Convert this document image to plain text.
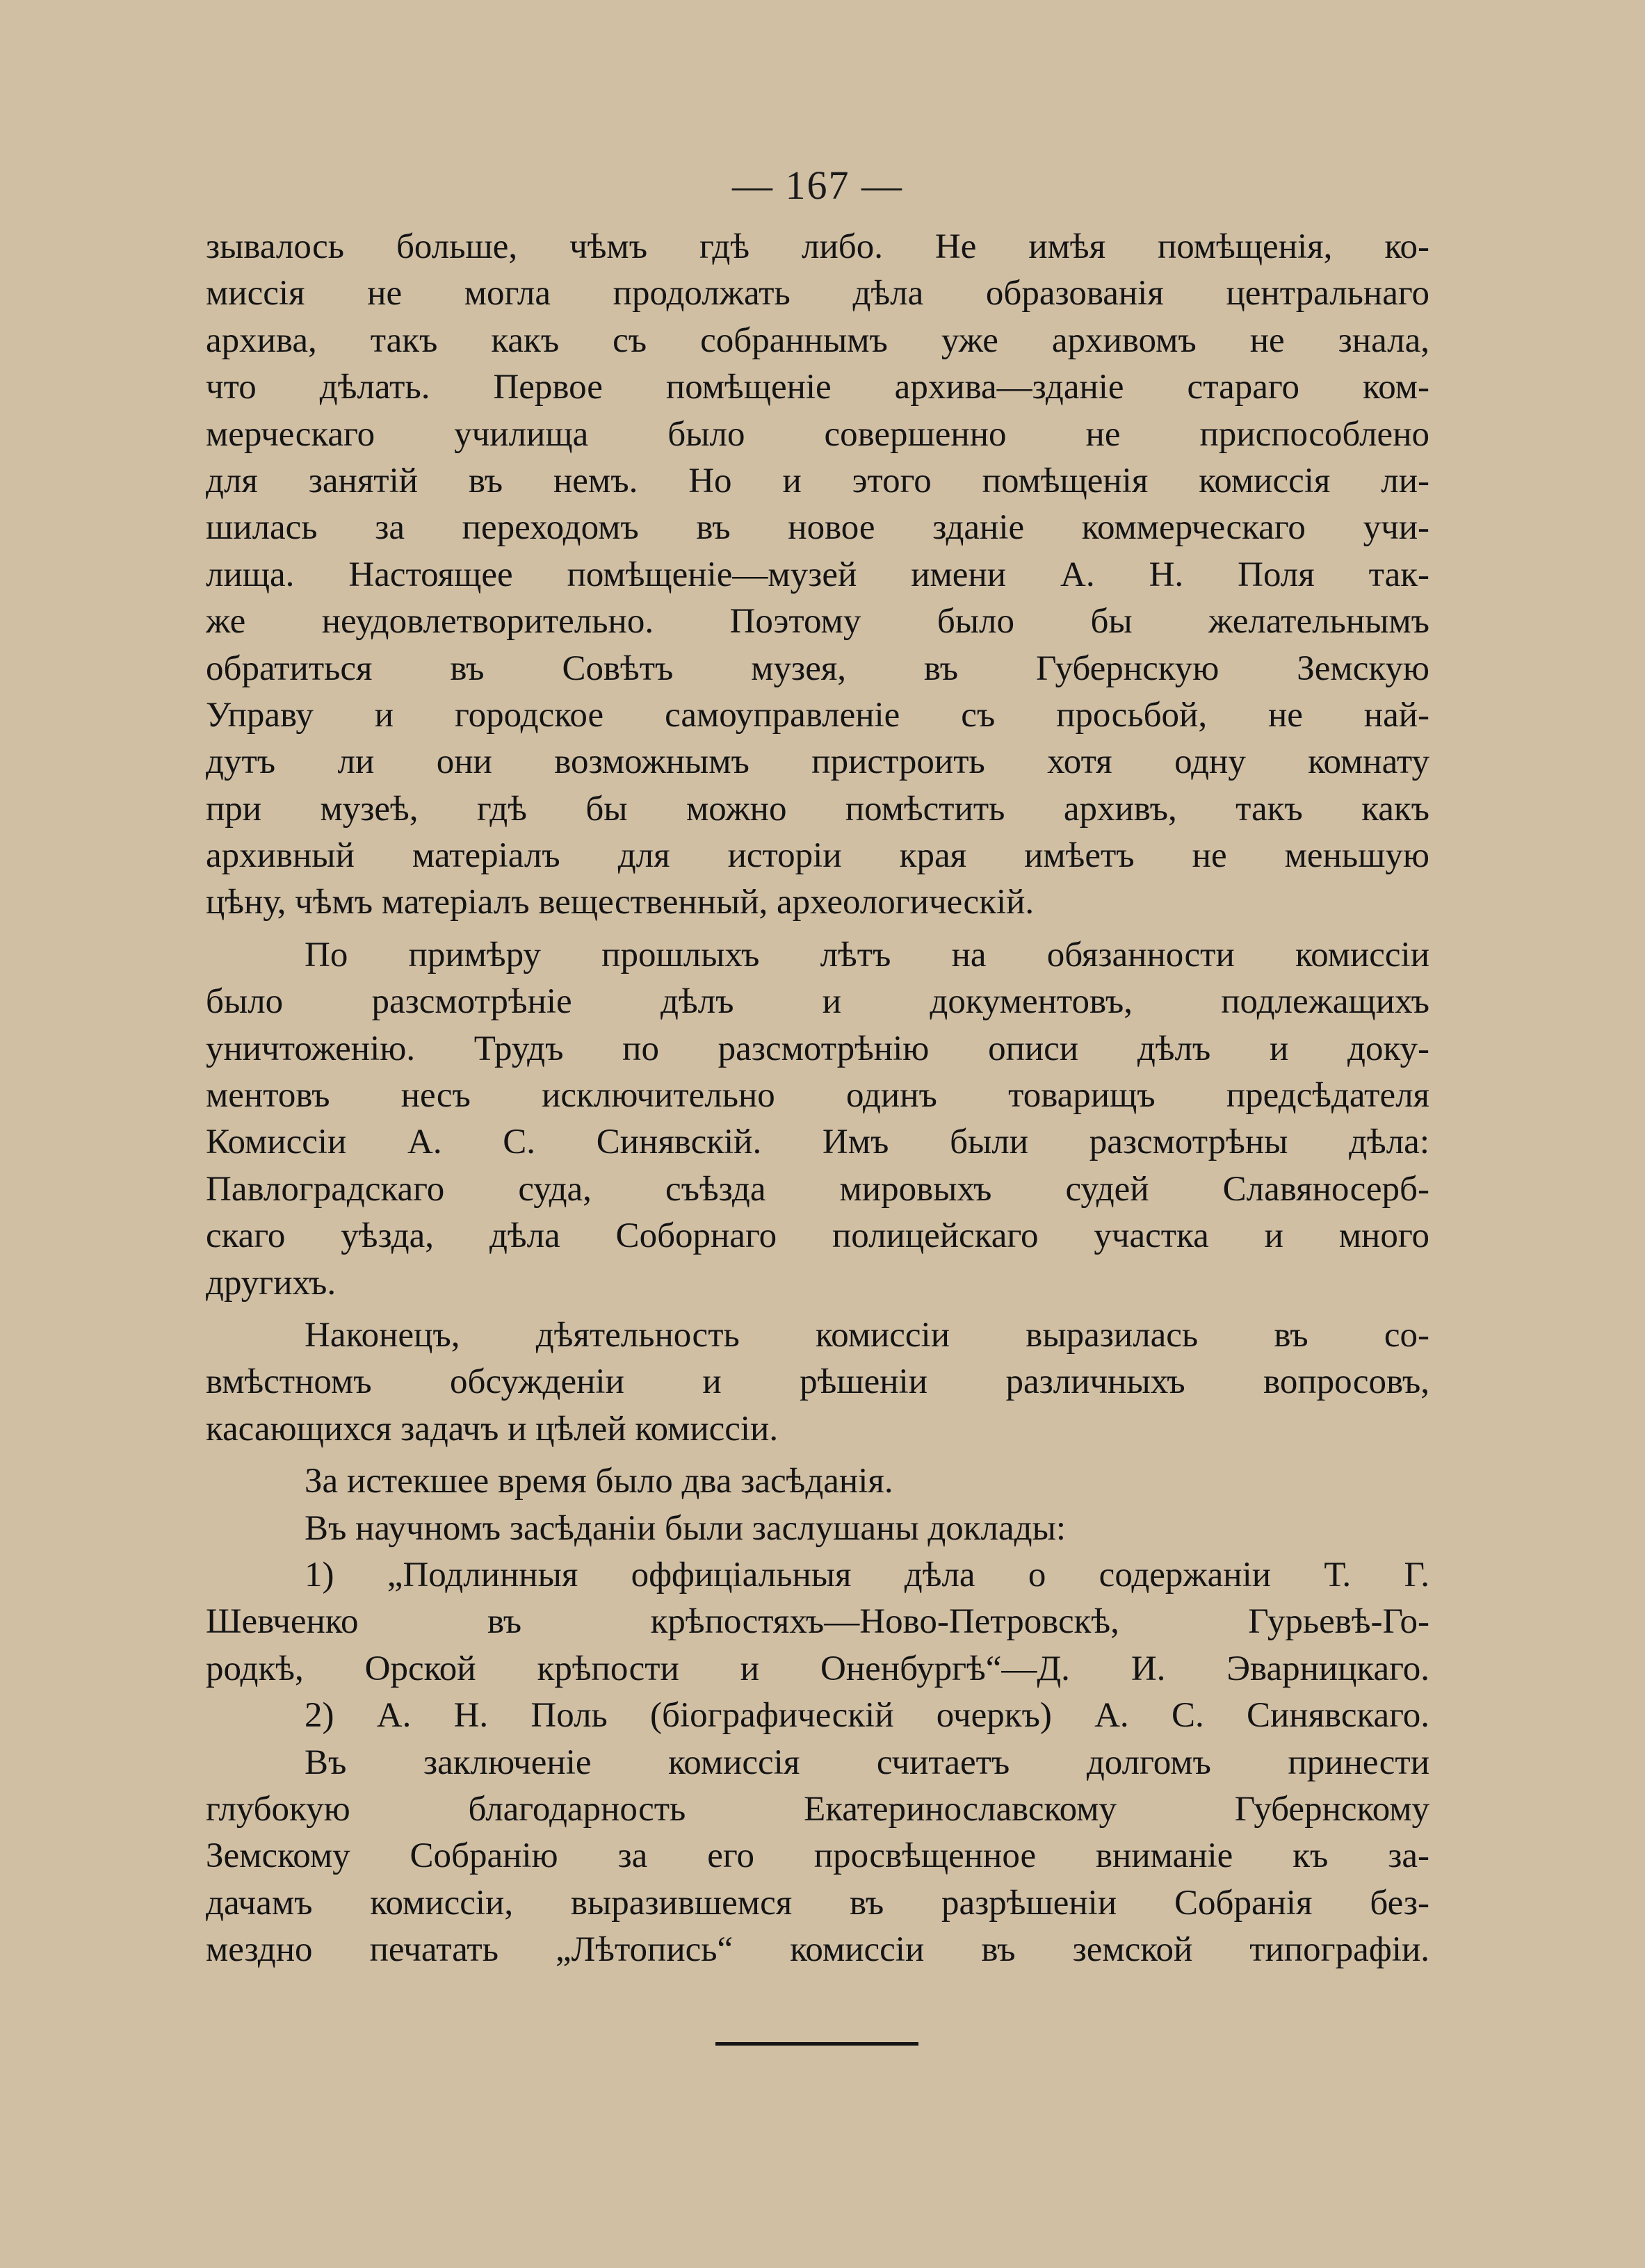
— 167 —
зывалось больше, чѣмъ гдѣ либо. Не имѣя помѣщенія, ко-
миссія не могла продолжать дѣла образованія центральнаго
архива, такъ какъ съ собраннымъ уже архивомъ не знала,
что дѣлать. Первое помѣщеніе архива—зданіе стараго ком-
мерческаго училища было совершенно не приспособлено
для занятій въ немъ. Но и этого помѣщенія комиссія ли-
шилась за переходомъ въ новое зданіе коммерческаго учи-
лища. Настоящее помѣщеніе—музей имени А. Н. Поля так-
же неудовлетворительно. Поэтому было бы желательнымъ
обратиться въ Совѣтъ музея, въ Губернскую Земскую
Управу и городское самоуправленіе съ просьбой, не най-
дутъ ли они возможнымъ пристроить хотя одну комнату
при музеѣ, гдѣ бы можно помѣстить архивъ, такъ какъ
архивный матеріалъ для исторіи края имѣетъ не меньшую
цѣну, чѣмъ матеріалъ вещественный, археологическій.
По примѣру прошлыхъ лѣтъ на обязанности комиссіи
было разсмотрѣніе дѣлъ и документовъ, подлежащихъ
уничтоженію. Трудъ по разсмотрѣнію описи дѣлъ и доку-
ментовъ несъ исключительно одинъ товарищъ предсѣдателя
Комиссіи А. С. Синявскій. Имъ были разсмотрѣны дѣла:
Павлоградскаго суда, съѣзда мировыхъ судей Славяносерб-
скаго уѣзда, дѣла Соборнаго полицейскаго участка и много
другихъ.
Наконецъ, дѣятельность комиссіи выразилась въ со-
вмѣстномъ обсужденіи и рѣшеніи различныхъ вопросовъ,
касающихся задачъ и цѣлей комиссіи.
За истекшее время было два засѣданія.
Въ научномъ засѣданіи были заслушаны доклады:
1) „Подлинныя оффиціальныя дѣла о содержаніи Т. Г.
Шевченко въ крѣпостяхъ—Ново-Петровскѣ, Гурьевѣ-Го-
родкѣ, Орской крѣпости и Оненбургѣ“—Д. И. Эварницкаго.
2) А. Н. Поль (біографическій очеркъ) А. С. Синявскаго.
Въ заключеніе комиссія считаетъ долгомъ принести
глубокую благодарность Екатеринославскому Губернскому
Земскому Собранію за его просвѣщенное вниманіе къ за-
дачамъ комиссіи, выразившемся въ разрѣшеніи Собранія без-
мездно печатать „Лѣтопись“ комиссіи въ земской типографіи.
